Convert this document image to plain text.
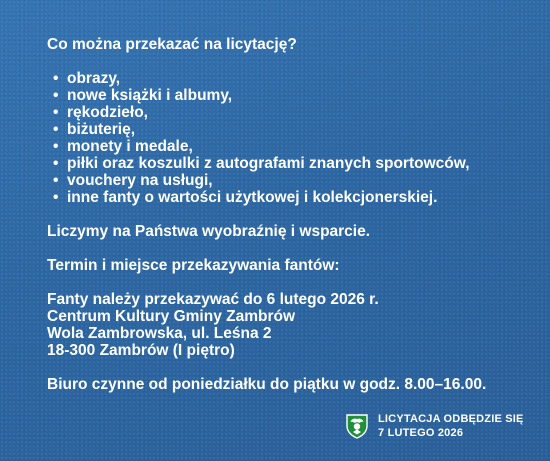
Co można przekazać na licytację?

• obrazy,
• nowe książki i albumy,
• rękodzieło,
• biżuterię,
• monety i medale,
• piłki oraz koszulki z autografami znanych sportowców,
• vouchery na usługi,
• inne fanty o wartości użytkowej i kolekcjonerskiej.

Liczymy na Państwa wyobraźnię i wsparcie.

Termin i miejsce przekazywania fantów:

Fanty należy przekazywać do 6 lutego 2026 r.

Centrum Kultury Gminy Zambrów

Wola Zambrowska, ul. Leśna 2

18-300 Zambrów (I piętro)

Biuro czynne od poniedziałku do piątku w godz. 8.00–16.00.

LICYTACJA ODBĘDZIE SIĘ
7 LUTEGO 2026
